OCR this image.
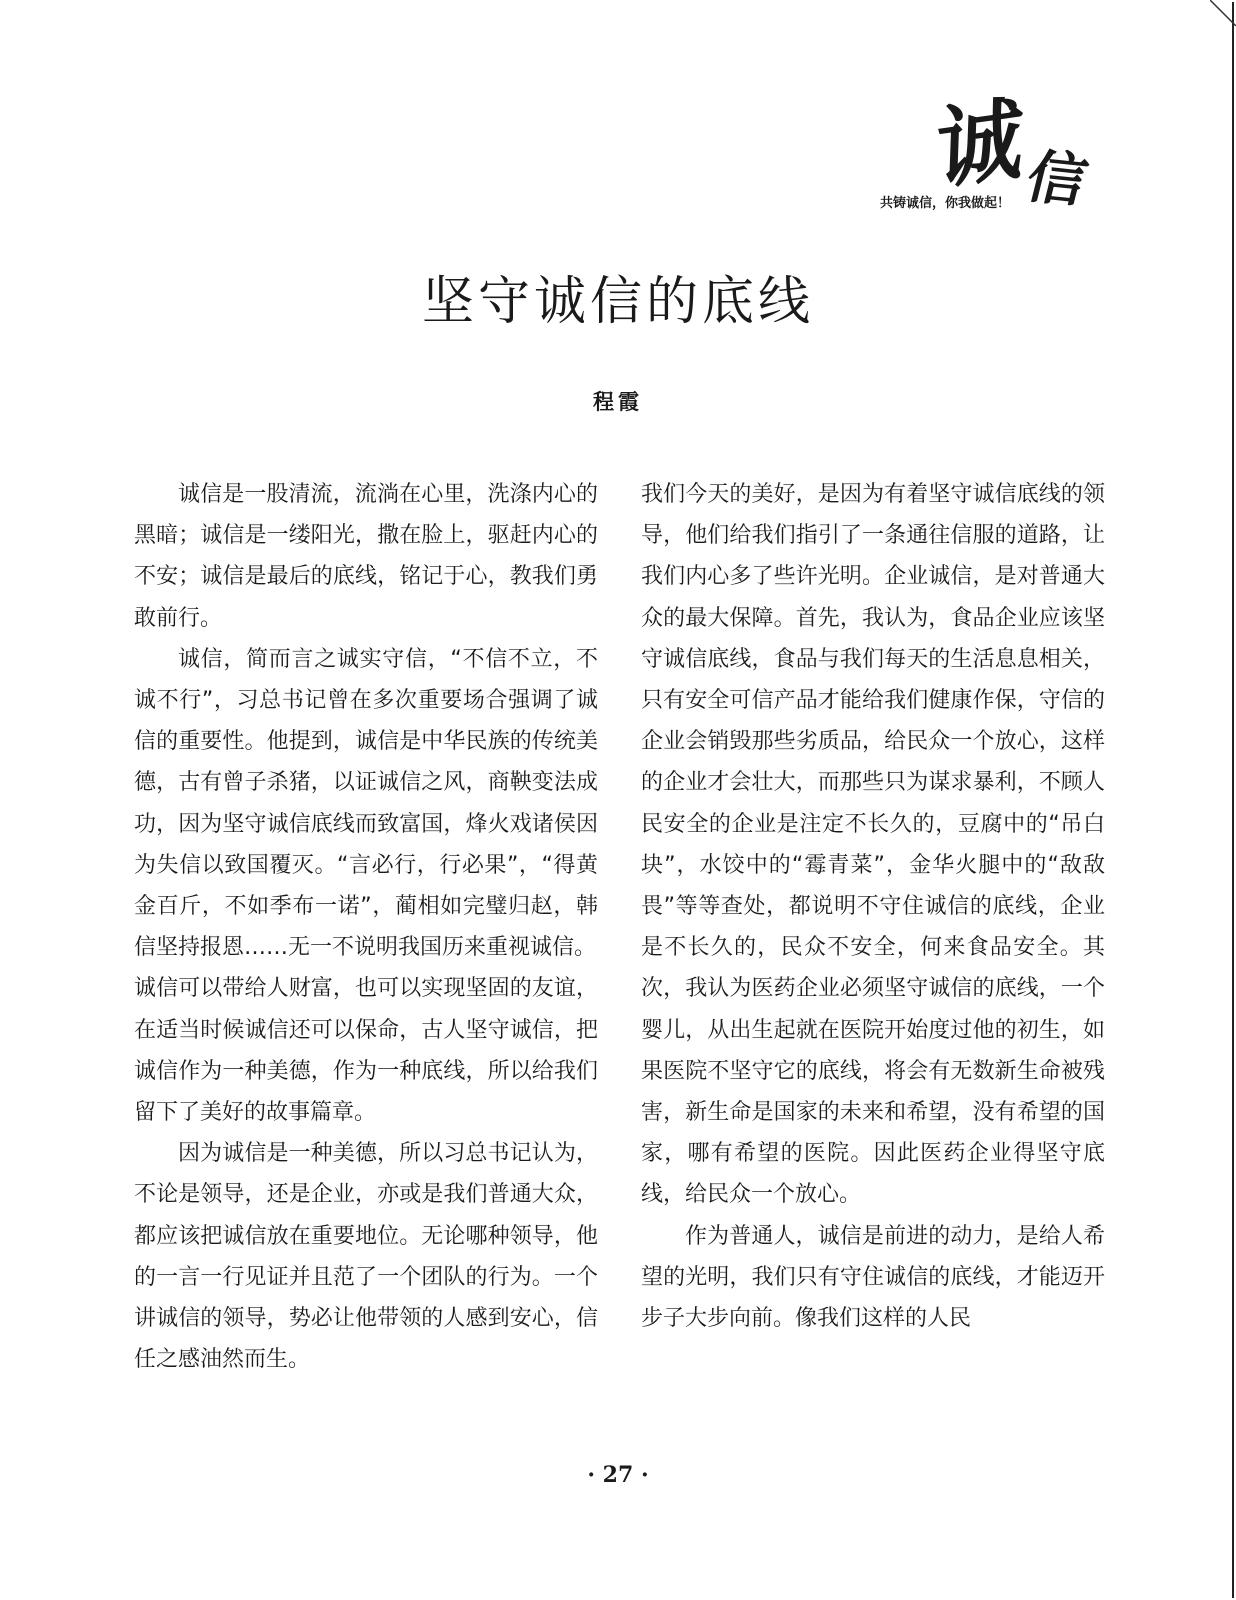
诚
信
共铸诚信，你我做起！
坚守诚信的底线
程霞

诚信是一股清流，流淌在心里，洗涤内心的黑暗；诚信是一缕阳光，撒在脸上，驱赶内心的不安；诚信是最后的底线，铭记于心，教我们勇敢前行。

诚信，简而言之诚实守信，“不信不立，不诚不行”，习总书记曾在多次重要场合强调了诚信的重要性。他提到，诚信是中华民族的传统美德，古有曾子杀猪，以证诚信之风，商鞅变法成功，因为坚守诚信底线而致富国，烽火戏诸侯因为失信以致国覆灭。“言必行，行必果”，“得黄金百斤，不如季布一诺”，蔺相如完璧归赵，韩信坚持报恩……无一不说明我国历来重视诚信。

诚信可以带给人财富，也可以实现坚固的友谊，在适当时候诚信还可以保命，古人坚守诚信，把诚信作为一种美德，作为一种底线，所以给我们留下了美好的故事篇章。

因为诚信是一种美德，所以习总书记认为，不论是领导，还是企业，亦或是我们普通大众，都应该把诚信放在重要地位。无论哪种领导，他的一言一行见证并且范了一个团队的行为。一个讲诚信的领导，势必让他带领的人感到安心，信任之感油然而生。

我们今天的美好，是因为有着坚守诚信底线的领导，他们给我们指引了一条通往信服的道路，让我们内心多了些许光明。企业诚信，是对普通大众的最大保障。首先，我认为，食品企业应该坚守诚信底线，食品与我们每天的生活息息相关，只有安全可信产品才能给我们健康作保，守信的企业会销毁那些劣质品，给民众一个放心，这样的企业才会壮大，而那些只为谋求暴利，不顾人民安全的企业是注定不长久的，豆腐中的“吊白块”，水饺中的“霉青菜”，金华火腿中的“敌敌畏”等等查处，都说明不守住诚信的底线，企业是不长久的，民众不安全，何来食品安全。其次，我认为医药企业必须坚守诚信的底线，一个婴儿，从出生起就在医院开始度过他的初生，如果医院不坚守它的底线，将会有无数新生命被残害，新生命是国家的未来和希望，没有希望的国家，哪有希望的医院。因此医药企业得坚守底线，给民众一个放心。

作为普通人，诚信是前进的动力，是给人希望的光明，我们只有守住诚信的底线，才能迈开步子大步向前。像我们这样的人民

· 27 ·
